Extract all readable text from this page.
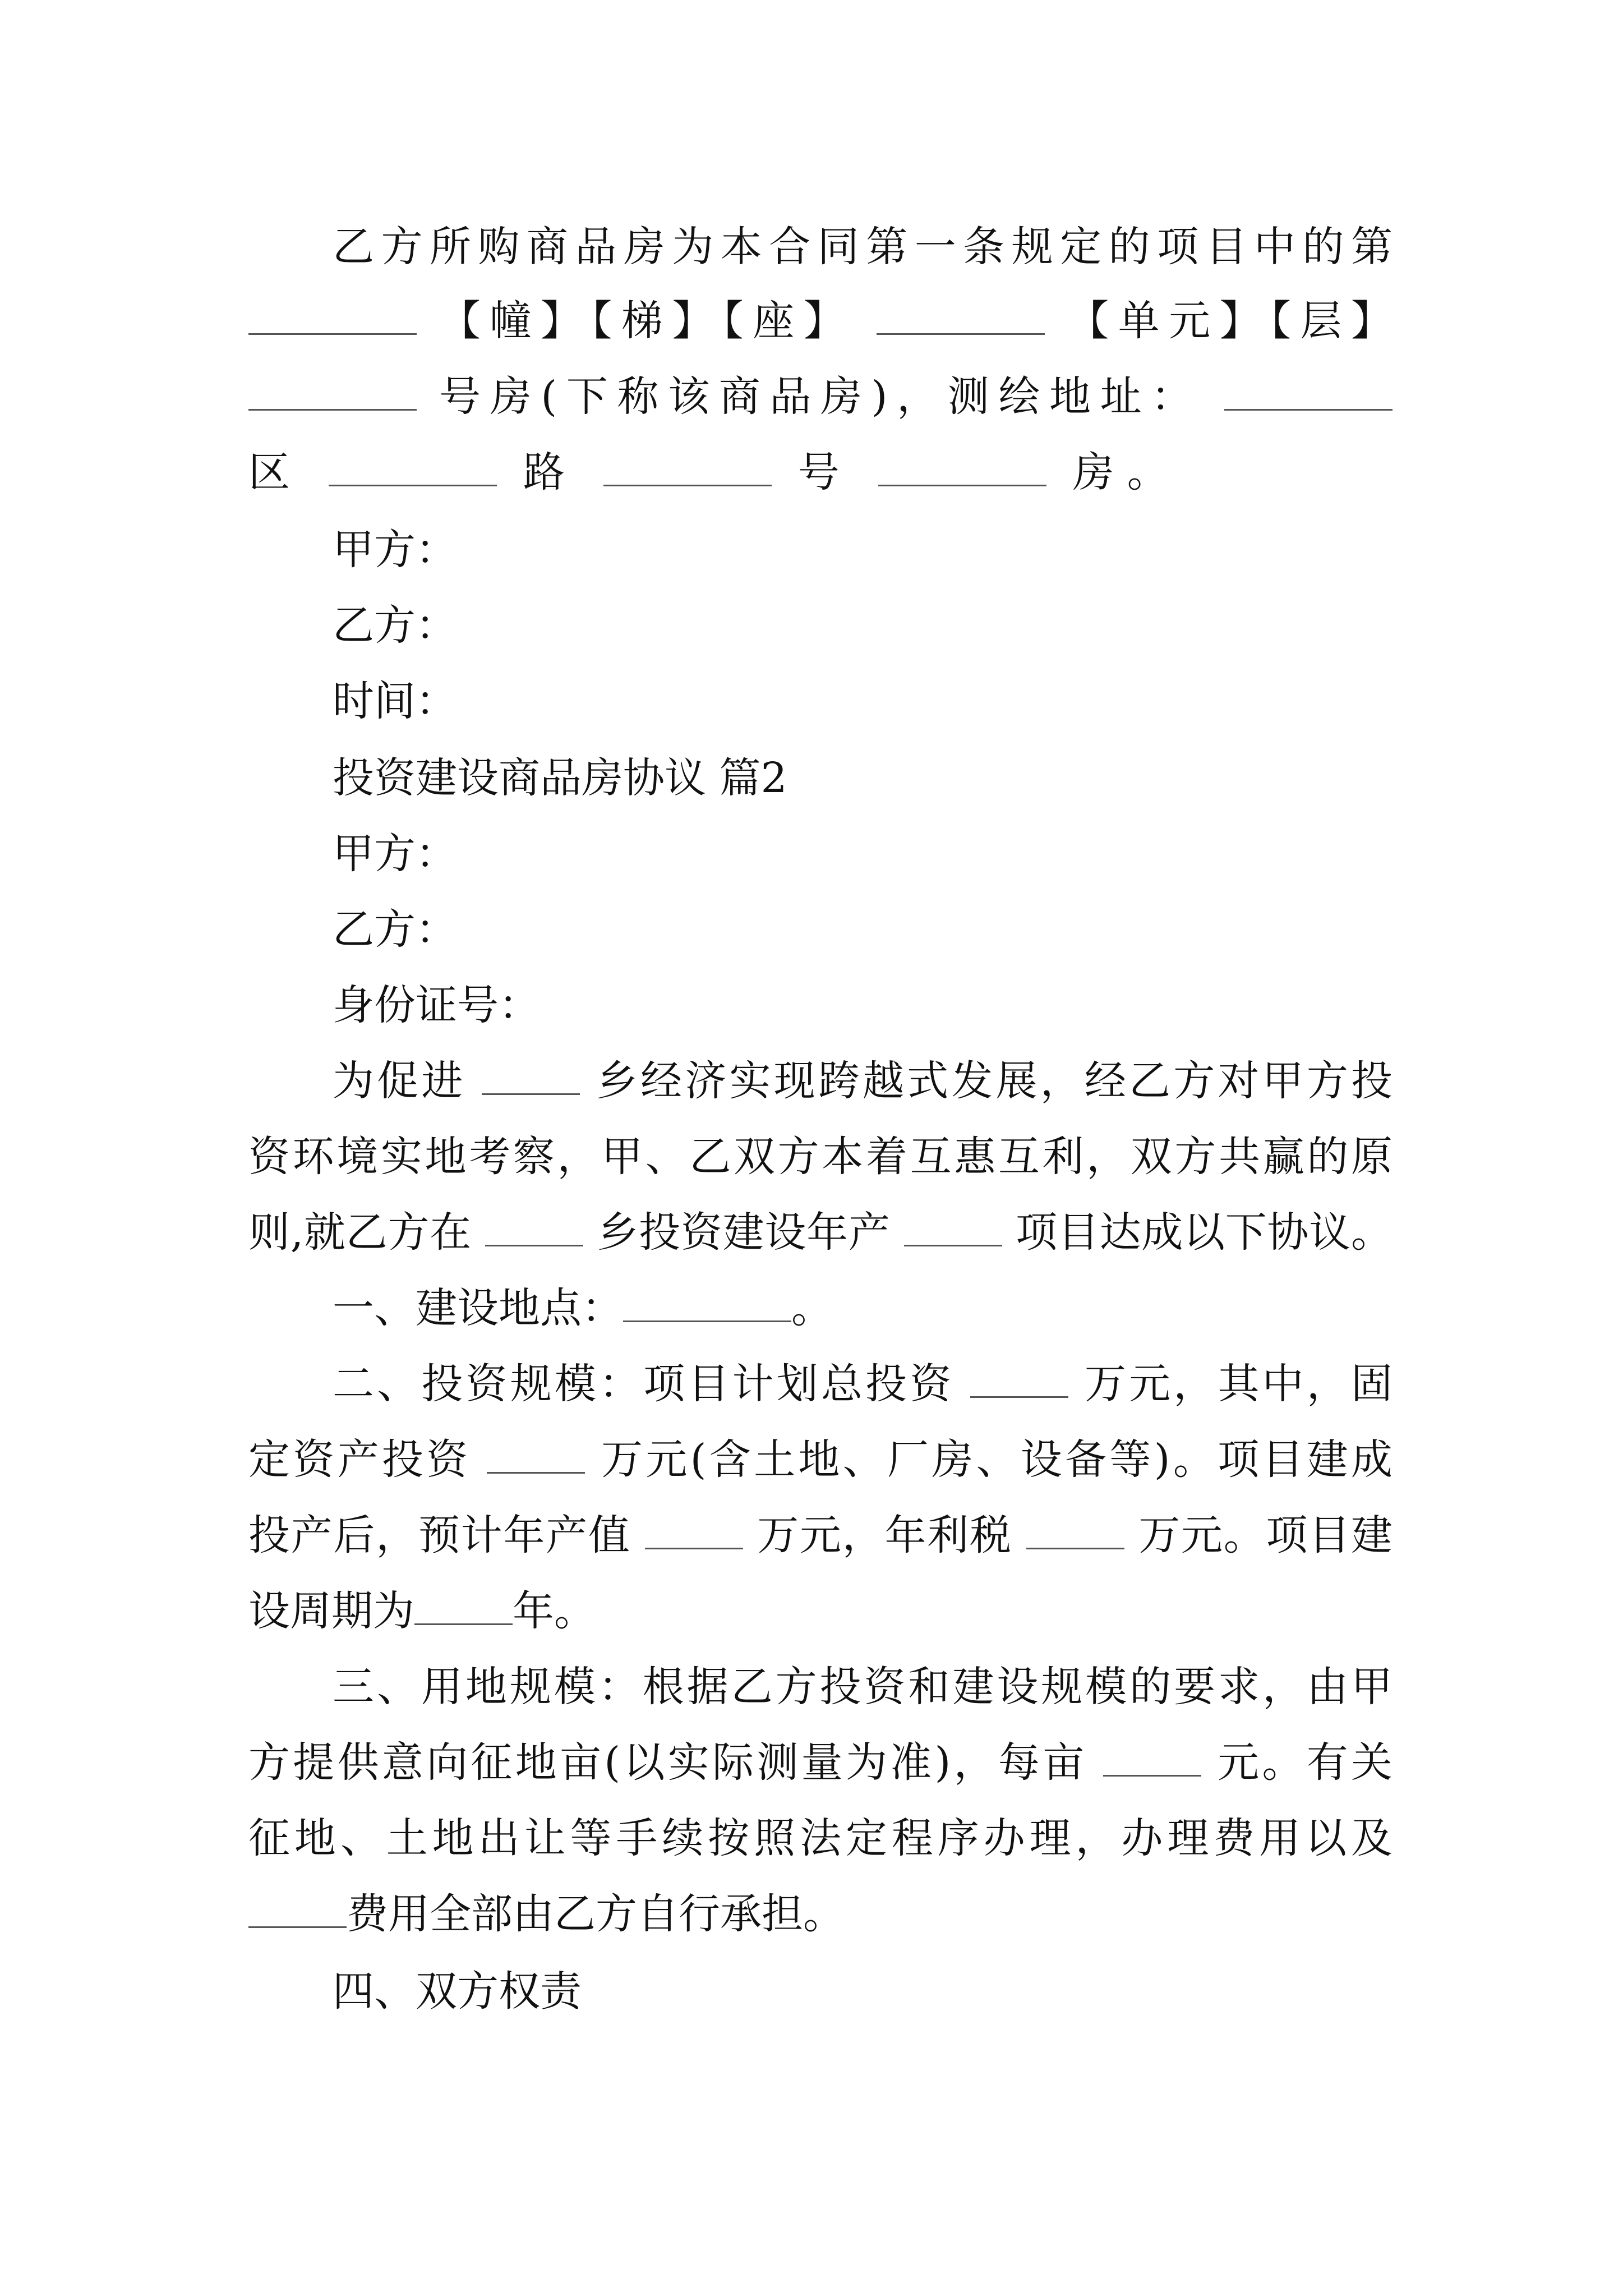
乙方所购商品房为本合同第一条规定的项目中的第
【幢】【梯】【座】	【单元】【层】
号房(下称该商品房)，测绘地址：
区	路	号	房。
甲方：
乙方：
时间：
投资建设商品房协议 篇2
甲方：
乙方：
身份证号：
为促进	乡经济实现跨越式发展，经乙方对甲方投
资环境实地考察，甲、乙双方本着互惠互利，双方共赢的原
则,就乙方在	乡投资建设年产	项目达成以下协议。
一、建设地点：	。
二、投资规模：项目计划总投资	万元，其中，固
定资产投资	万元(含土地、厂房、设备等)。项目建成
投产后，预计年产值	万元，年利税	万元。项目建
设周期为 年。
三、用地规模：根据乙方投资和建设规模的要求，由甲
方提供意向征地亩(以实际测量为准)，每亩	元。有关
征地、土地出让等手续按照法定程序办理，办理费用以及
费用全部由乙方自行承担。
四、双方权责
